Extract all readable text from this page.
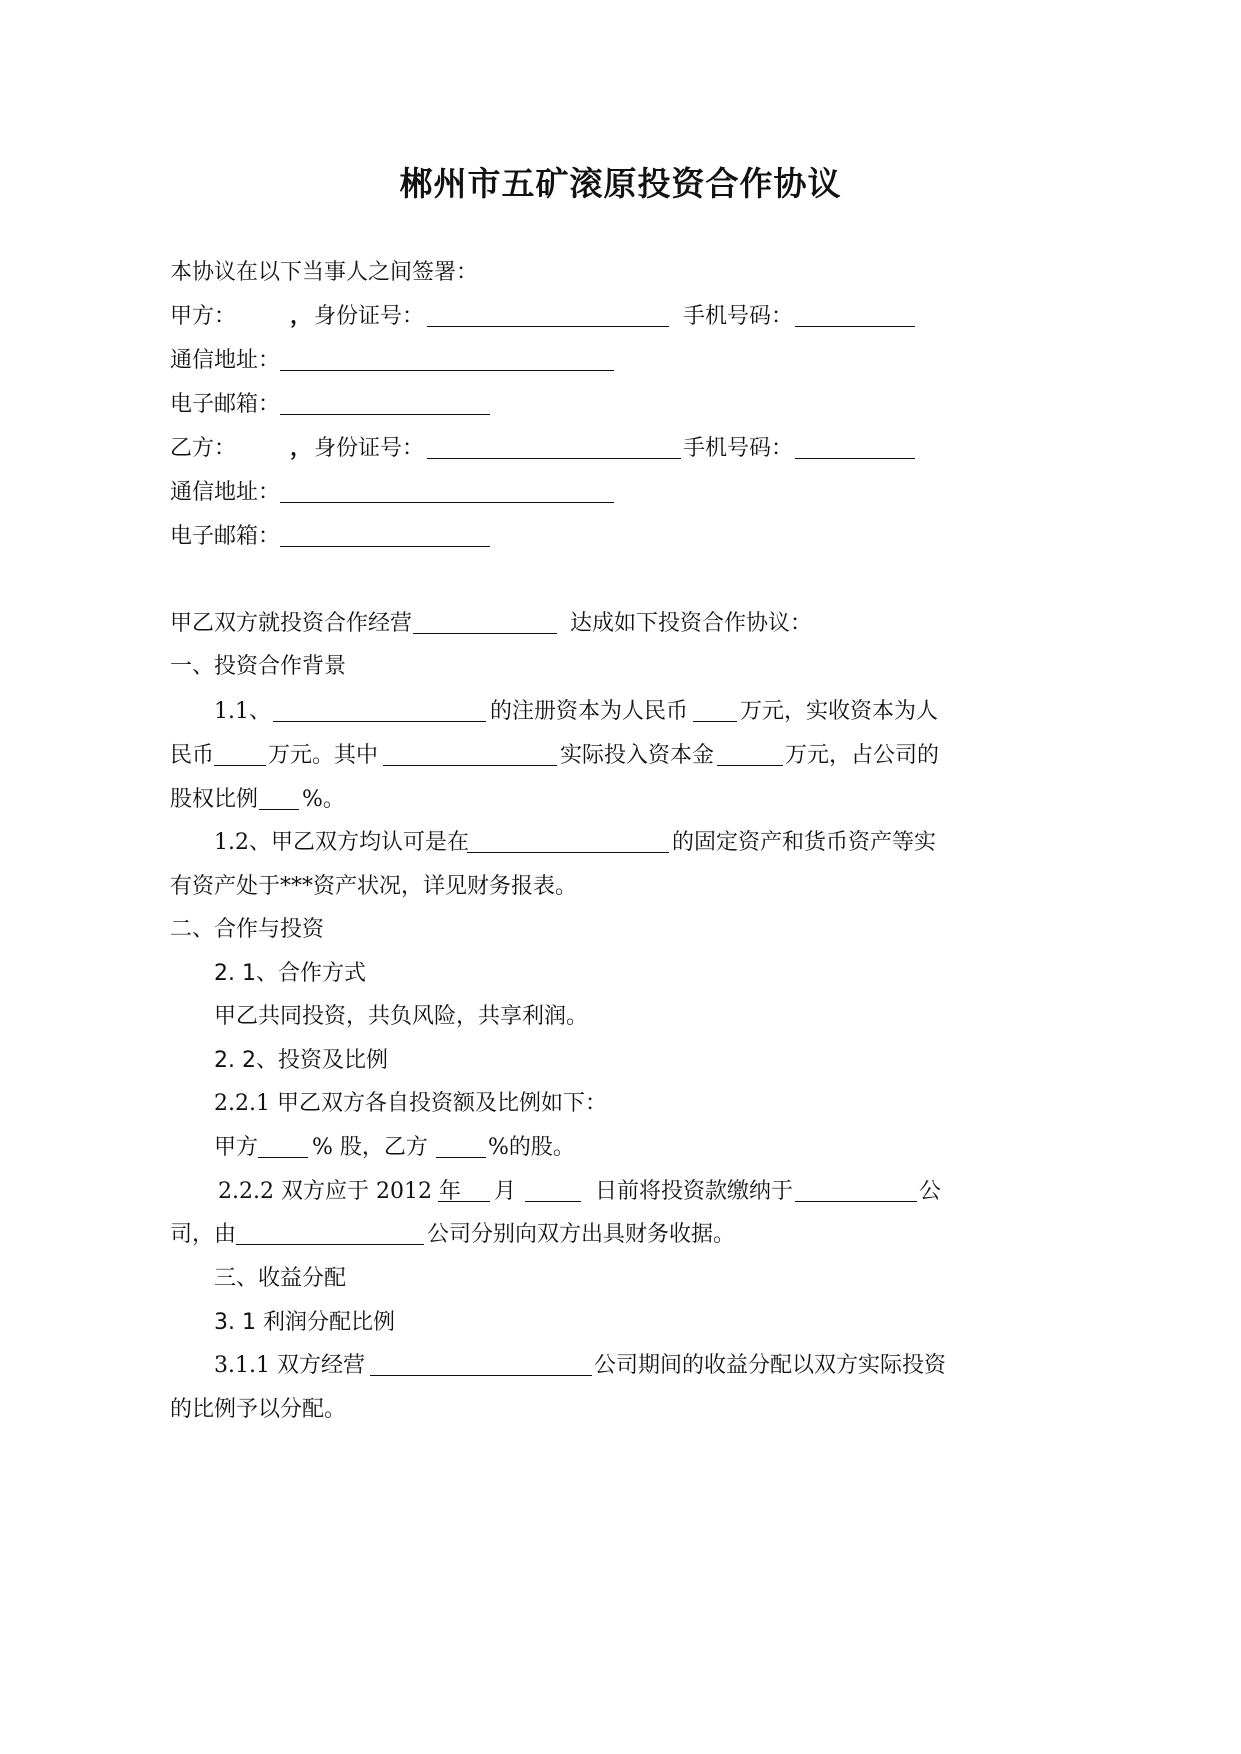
郴州市五矿滚原投资合作协议
本协议在以下当事人之间签署：
甲方： ， 身份证号：	手机号码：
通信地址：
电子邮箱：
乙方： ， 身份证号：	手机号码：
通信地址：
电子邮箱：
甲乙双方就投资合作经营	达成如下投资合作协议：
一、投资合作背景
1.1、	的注册资本为人民币 万元，实收资本为人
民币 万元。其中	实际投入资本金	万元，占公司的
股权比例 %。
1.2、甲乙双方均认可是在	的固定资产和货币资产等实
有资产处于***资产状况，详见财务报表。
二、合作与投资
2. 1、合作方式
甲乙共同投资，共负风险，共享利润。
2. 2、投资及比例
2.2.1 甲乙双方各自投资额及比例如下：
甲方 % 股，乙方	%的股。
2.2.2 双方应于 2012 年 月	日前将投资款缴纳于	公
司，由	公司分别向双方出具财务收据。
三、收益分配
3. 1 利润分配比例
3.1.1 双方经营	公司期间的收益分配以双方实际投资
的比例予以分配。
